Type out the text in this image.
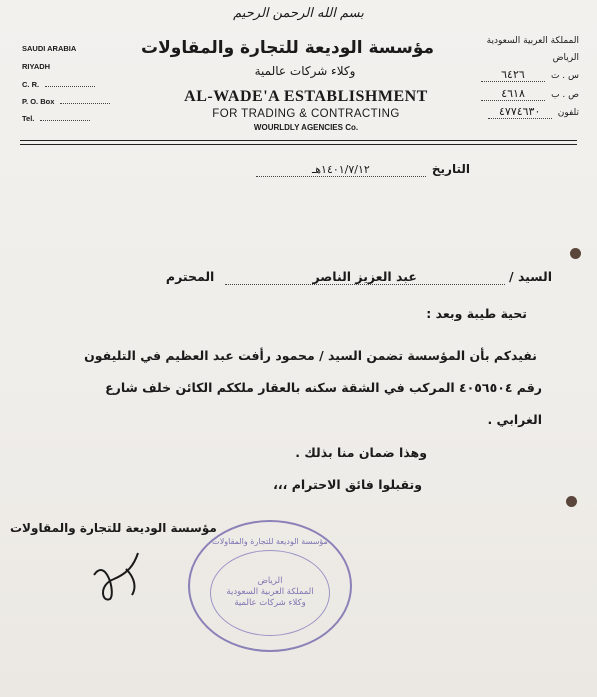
بسم الله الرحمن الرحيم
SAUDI ARABIA
RIYADH
C. R.
P. O. Box
Tel.
المملكة العربية السعودية
الرياض
س . ت٦٤٢٦
ص . ب٤٦١٨
تلفون٤٧٧٤٦٣٠
مؤسسة الوديعة للتجارة والمقاولات
وكلاء شركات عالمية
AL-WADE'A ESTABLISHMENT
FOR TRADING & CONTRACTING
WOURLDLY AGENCIES Co.
التاريخ١٤٠١/٧/١٢هـ
السيد / عبد العزيز الناصر المحترم
تحية طيبة وبعد :
نفيدكم بأن المؤسسة تضمن السيد / محمود رأفت عبد العظيم في التليفون
رقم ٤٠٥٦٥٠٤ المركب في الشقة سكنه بالعقار ملككم الكائن خلف شارع
الغرابي .
وهذا ضمان منا بذلك .
وتقبلوا فائق الاحترام ،،،
مؤسسة الوديعة للتجارة والمقاولات
مؤسسة الوديعة للتجارة والمقاولات
الرياض
المملكة العربية السعودية
وكلاء شركات عالمية
